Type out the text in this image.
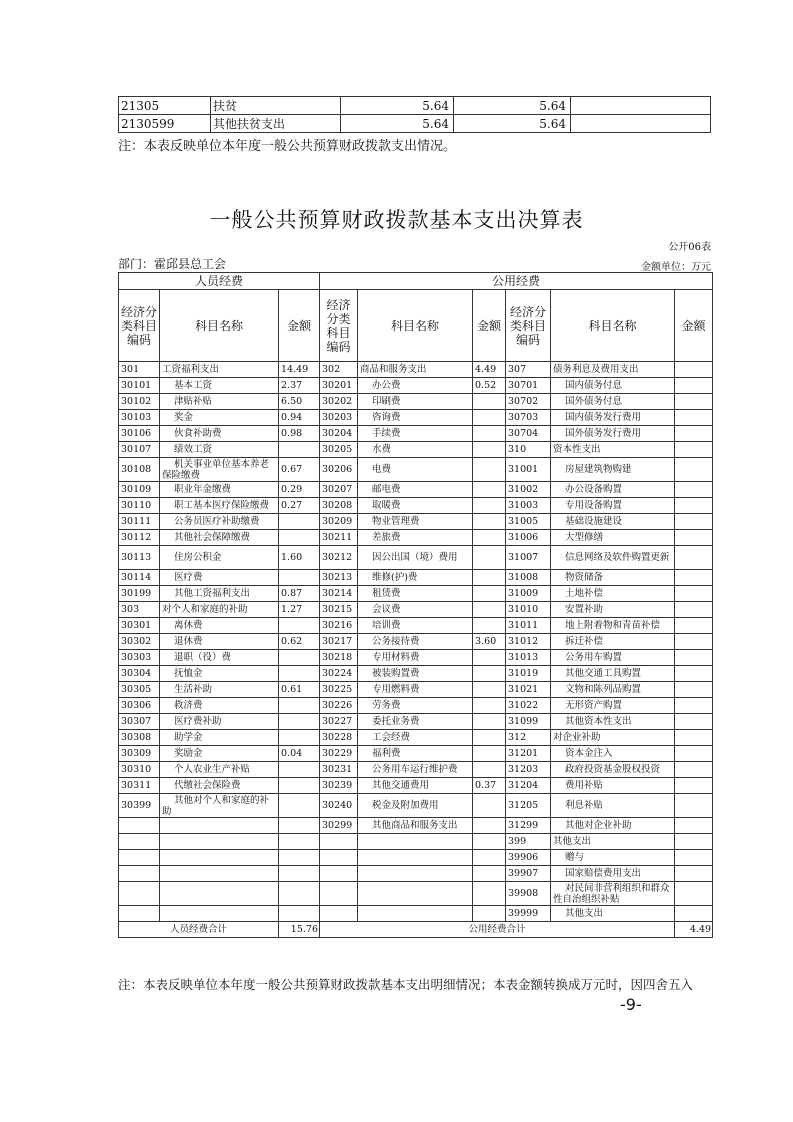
21305	扶贫	5.64	5.64	
2130599	其他扶贫支出	5.64	5.64	
注：本表反映单位本年度一般公共预算财政拨款支出情况。
一般公共预算财政拨款基本支出决算表
公开06表
部门：霍邱县总工会	金额单位：万元
人员经费			公用经费					
经济分类科目编码	科目名称	金额	经济分类科目编码	科目名称	金额	经济分类科目编码	科目名称	金额
301	工资福利支出	14.49	302	商品和服务支出	4.49	307	债务利息及费用支出	
30101	基本工资	2.37	30201	办公费	0.52	30701	国内债务付息	
30102	津贴补贴	6.50	30202	印刷费		30702	国外债务付息	
30103	奖金	0.94	30203	咨询费		30703	国内债务发行费用	
30106	伙食补助费	0.98	30204	手续费		30704	国外债务发行费用	
30107	绩效工资		30205	水费		310	资本性支出	
30108	机关事业单位基本养老保险缴费	0.67	30206	电费		31001	房屋建筑物购建	
30109	职业年金缴费	0.29	30207	邮电费		31002	办公设备购置	
30110	职工基本医疗保险缴费	0.27	30208	取暖费		31003	专用设备购置	
30111	公务员医疗补助缴费		30209	物业管理费		31005	基础设施建设	
30112	其他社会保障缴费		30211	差旅费		31006	大型修缮	
30113	住房公积金	1.60	30212	因公出国（境）费用		31007	信息网络及软件购置更新	
30114	医疗费		30213	维修(护)费		31008	物资储备	
30199	其他工资福利支出	0.87	30214	租赁费		31009	土地补偿	
303	对个人和家庭的补助	1.27	30215	会议费		31010	安置补助	
30301	离休费		30216	培训费		31011	地上附着物和青苗补偿	
30302	退休费	0.62	30217	公务接待费	3.60	31012	拆迁补偿	
30303	退职（役）费		30218	专用材料费		31013	公务用车购置	
30304	抚恤金		30224	被装购置费		31019	其他交通工具购置	
30305	生活补助	0.61	30225	专用燃料费		31021	文物和陈列品购置	
30306	救济费		30226	劳务费		31022	无形资产购置	
30307	医疗费补助		30227	委托业务费		31099	其他资本性支出	
30308	助学金		30228	工会经费		312	对企业补助	
30309	奖励金	0.04	30229	福利费		31201	资本金注入	
30310	个人农业生产补贴		30231	公务用车运行维护费		31203	政府投资基金股权投资	
30311	代缴社会保险费		30239	其他交通费用	0.37	31204	费用补贴	
30399	其他对个人和家庭的补助		30240	税金及附加费用		31205	利息补贴	
			30299	其他商品和服务支出		31299	其他对企业补助	
						399	其他支出	
						39906	赠与	
						39907	国家赔偿费用支出	
						39908	对民间非营利组织和群众性自治组织补贴	
						39999	其他支出	
人员经费合计		15.76	公用经费合计					4.49
注：本表反映单位本年度一般公共预算财政拨款基本支出明细情况；本表金额转换成万元时，因四舍五入
-9-
